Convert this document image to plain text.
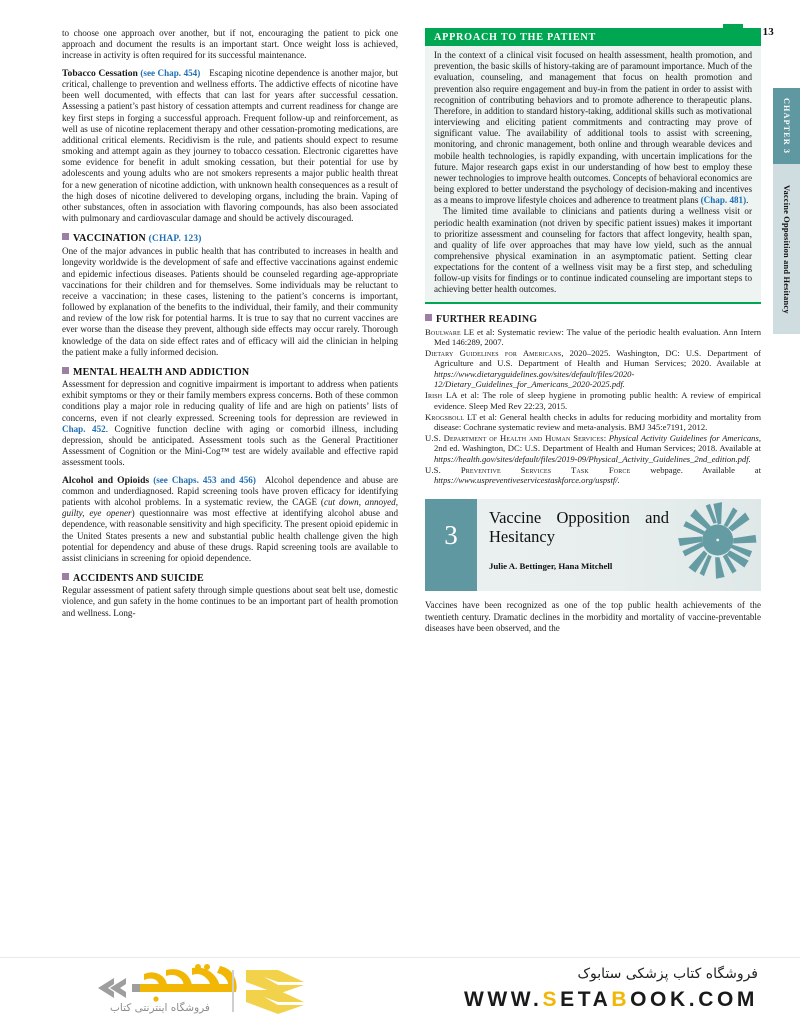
13
CHAPTER 3
Vaccine Opposition and Hesitancy

to choose one approach over another, but if not, encouraging the patient to pick one approach and document the results is an important start. Once weight loss is achieved, increase in activity is often required for its successful maintenance.

Tobacco Cessation (see Chap. 454) Escaping nicotine dependence is another major, but critical, challenge to prevention and wellness efforts. The addictive effects of nicotine have been well documented, with effects that can last for years after successful cessation. Assessing a patient’s past history of cessation attempts and current readiness for change are key first steps in forging a successful approach. Frequent follow-up and reinforcement, as well as use of nicotine replacement therapy and other cessation-promoting medications, are additional critical elements. Recidivism is the rule, and patients should expect to resume smoking and attempt again as they journey to tobacco cessation. Electronic cigarettes have some evidence for benefit in adult smoking cessation, but their potential for use by adolescents and young adults who are not smokers represents a major public health threat for a new generation of nicotine addiction, with unknown health consequences as a result of the high doses of nicotine delivered to developing organs, including the brain. Vaping of other substances, often in association with flavoring compounds, has also been associated with pulmonary and cardiovascular damage and should be actively discouraged.

VACCINATION (CHAP. 123)

One of the major advances in public health that has contributed to increases in health and longevity worldwide is the development of safe and effective vaccinations against endemic and epidemic infectious diseases. Patients should be counseled regarding age-appropriate vaccinations for their children and for themselves. Some individuals may be reluctant to receive a vaccination; in these cases, listening to the patient’s concerns is important, followed by explanation of the benefits to the individual, their family, and their community and review of the low risk for potential harms. It is true to say that no current vaccines are ever worse than the disease they prevent, although side effects may occur rarely. Thorough knowledge of the data on side effect rates and of efficacy will aid the clinician in helping the patient make a fully informed decision.

MENTAL HEALTH AND ADDICTION

Assessment for depression and cognitive impairment is important to address when patients exhibit symptoms or they or their family members express concerns. Both of these common conditions play a major role in reducing quality of life and are high on patients’ lists of concerns, even if not clearly expressed. Screening tools for depression are reviewed in Chap. 452. Cognitive function decline with aging or comorbid illness, including depression, should be anticipated. Assessment tools such as the General Practitioner Assessment of Cognition or the Mini-Cog™ test are widely available and effective rapid assessment tools.

Alcohol and Opioids (see Chaps. 453 and 456) Alcohol dependence and abuse are common and underdiagnosed. Rapid screening tools have proven efficacy for identifying patients with alcohol problems. In a systematic review, the CAGE (cut down, annoyed, guilty, eye opener) questionnaire was most effective at identifying alcohol abuse and dependence, with reasonable sensitivity and high specificity. The present opioid epidemic in the United States presents a new and substantial public health challenge given the high potential for dependency and abuse of these drugs. Rapid screening tools are available to assist clinicians in screening for opioid dependence.

ACCIDENTS AND SUICIDE

Regular assessment of patient safety through simple questions about seat belt use, domestic violence, and gun safety in the home continues to be an important part of health promotion and wellness. Long-

APPROACH TO THE PATIENT

In the context of a clinical visit focused on health assessment, health promotion, and prevention, the basic skills of history-taking are of paramount importance. Much of the evaluation, counseling, and management that focus on health promotion and prevention also require engagement and buy-in from the patient in order to assist with recognition of contributing behaviors and to promote adherence to therapeutic plans. Therefore, in addition to standard history-taking, additional skills such as motivational interviewing and eliciting patient commitments and contracting may prove of significant value. The availability of additional tools to assist with screening, monitoring, and chronic management, both online and through wearable devices and mobile health technologies, is rapidly expanding, with uncertain implications for the future. Major research gaps exist in our understanding of how best to employ these newer technologies to improve health outcomes. Concepts of behavioral economics are being explored to better understand the psychology of decision-making and incentives as a means to improve lifestyle choices and adherence to treatment plans (Chap. 481).

The limited time available to clinicians and patients during a wellness visit or periodic health examination (not driven by specific patient issues) makes it important to prioritize assessment and counseling for factors that affect longevity, health span, and quality of life over approaches that may have low yield, such as the annual comprehensive physical examination in an asymptomatic patient. Setting clear expectations for the content of a wellness visit may be a first step, and scheduling follow-up visits for findings or to continue indicated counseling are important steps to achieving better health outcomes.

FURTHER READING
Boulware LE et al: Systematic review: The value of the periodic health evaluation. Ann Intern Med 146:289, 2007.
Dietary Guidelines for Americans, 2020–2025. Washington, DC: U.S. Department of Agriculture and U.S. Department of Health and Human Services; 2020. Available at https://www.dietaryguidelines.gov/sites/default/files/2020-12/Dietary_Guidelines_for_Americans_2020-2025.pdf.
Irish LA et al: The role of sleep hygiene in promoting public health: A review of empirical evidence. Sleep Med Rev 22:23, 2015.
Krogsboll LT et al: General health checks in adults for reducing morbidity and mortality from disease: Cochrane systematic review and meta-analysis. BMJ 345:e7191, 2012.
U.S. Department of Health and Human Services: Physical Activity Guidelines for Americans, 2nd ed. Washington, DC: U.S. Department of Health and Human Services; 2018. Available at https://health.gov/sites/default/files/2019-09/Physical_Activity_Guidelines_2nd_edition.pdf.
U.S. Preventive Services Task Force webpage. Available at https://www.uspreventiveservicestaskforce.org/uspstf/.
3
Vaccine Opposition and Hesitancy
Julie A. Bettinger, Hana Mitchell

Vaccines have been recognized as one of the top public health achievements of the twentieth century. Dramatic declines in the morbidity and mortality of vaccine-preventable diseases have been observed, and the

فروشگاه اینترنتی کتاب
فروشگاه کتاب پزشکی ستابوک
WWW.SETABOOK.COM
